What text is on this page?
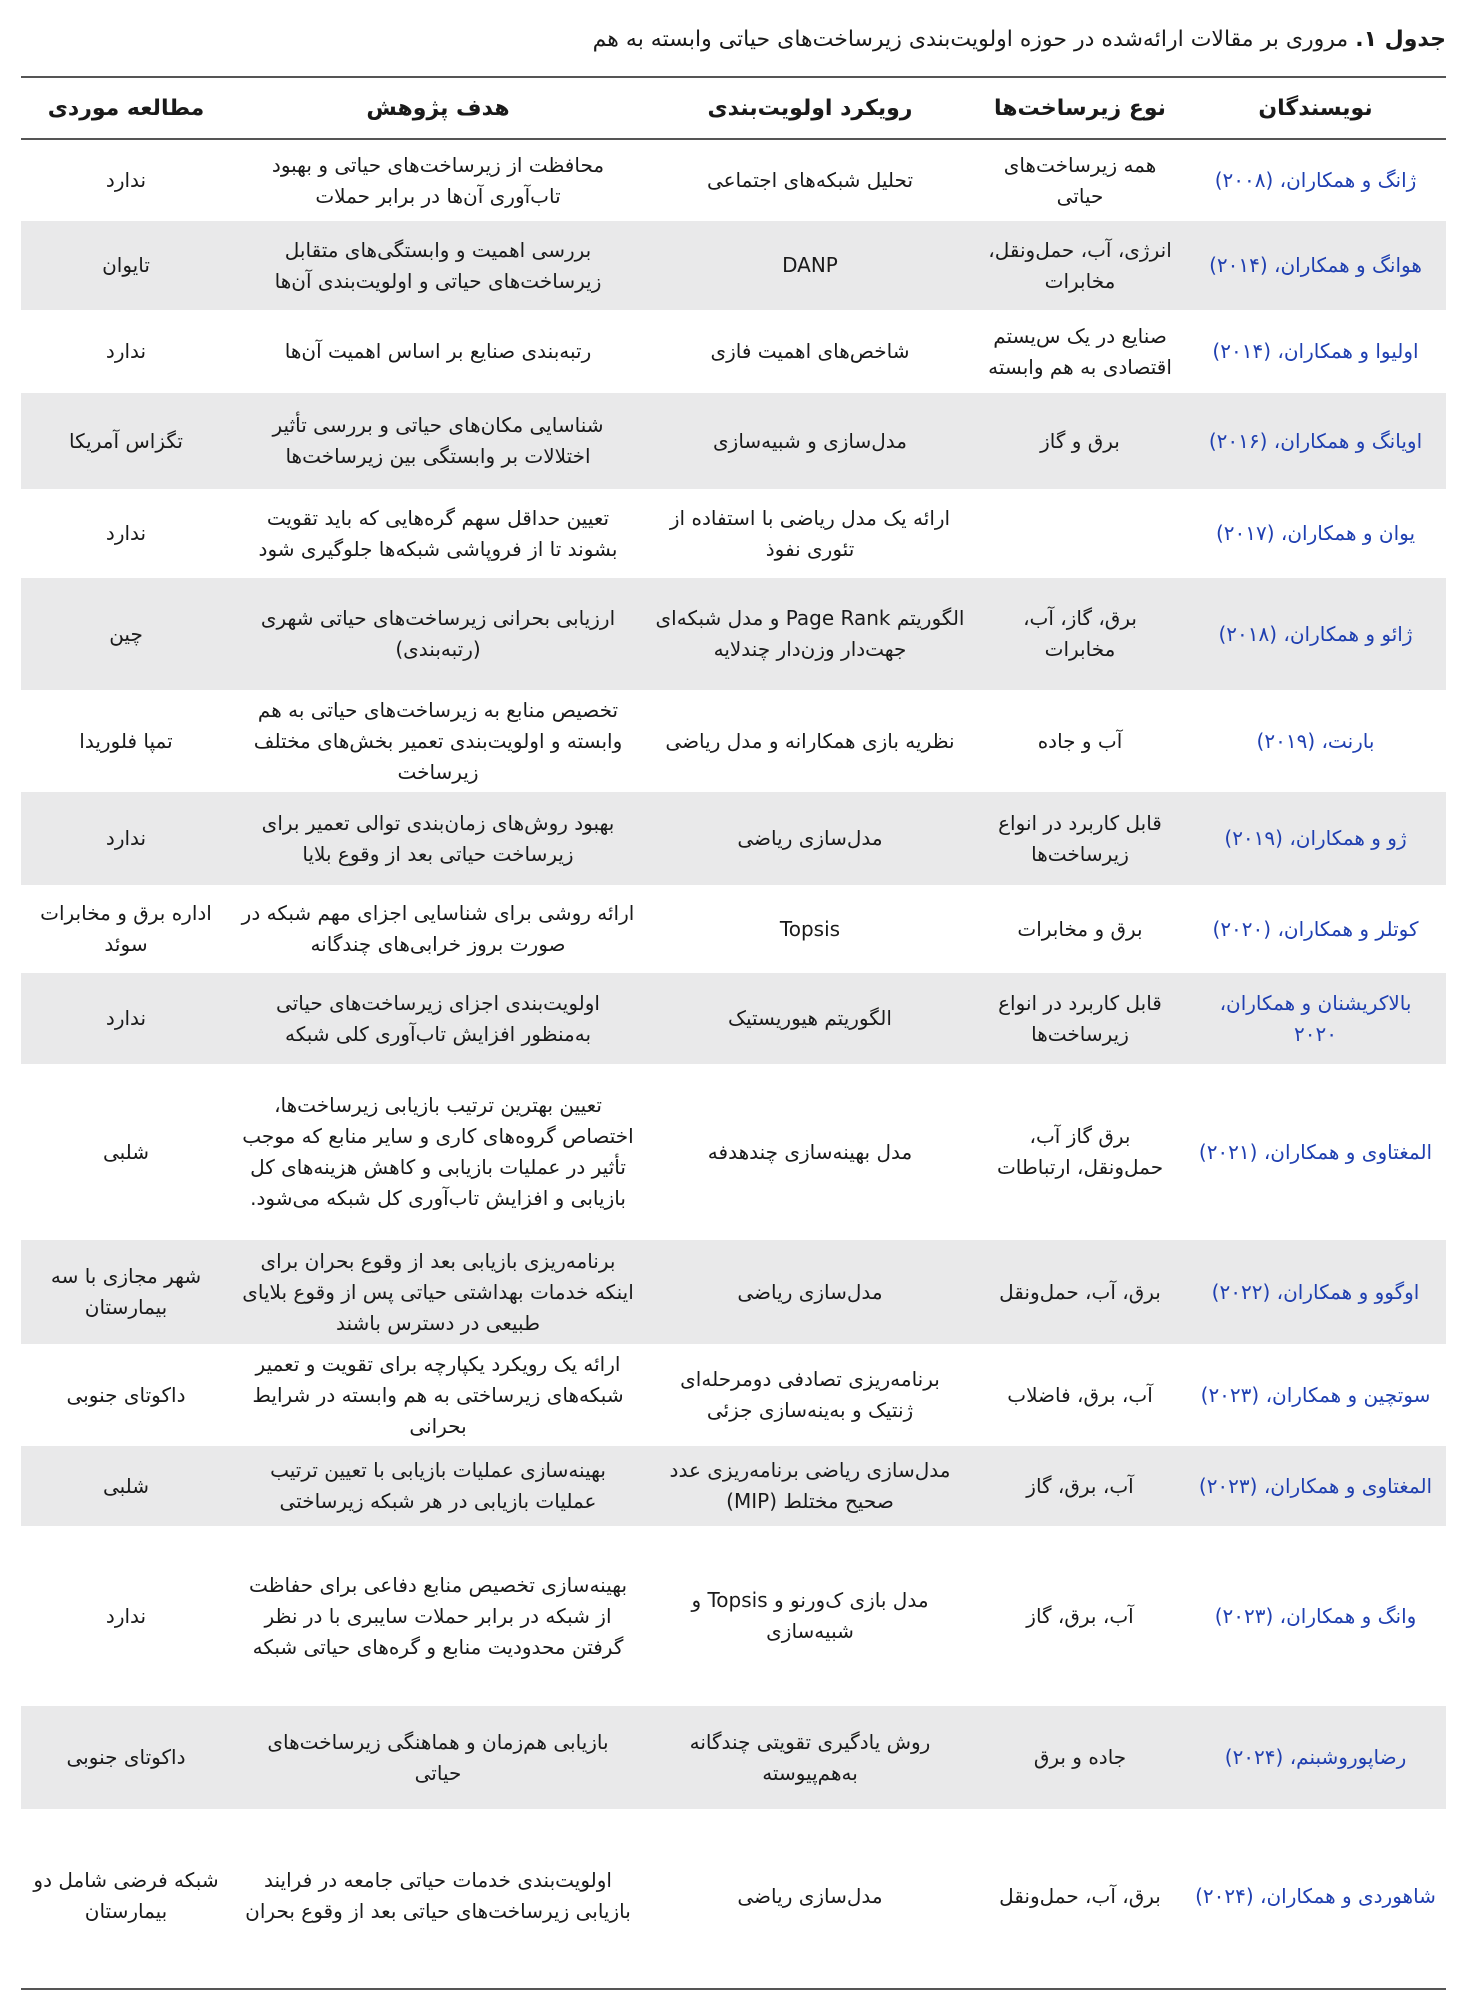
جدول ۱. مروری بر مقالات ارائه‌شده در حوزه اولویت‌بندی زیرساخت‌های حیاتی وابسته به هم
نویسندگان	نوع زیرساخت‌ها	رویکرد اولویت‌بندی	هدف پژوهش	مطالعه موردی
ژانگ و همکاران، (۲۰۰۸)	همه زیرساخت‌های حیاتی	تحلیل شبکه‌های اجتماعی	محافظت از زیرساخت‌های حیاتی و بهبود تاب‌آوری آن‌ها در برابر حملات	ندارد
هوانگ و همکاران، (۲۰۱۴)	انرژی، آب، حمل‌ونقل، مخابرات	DANP	بررسی اهمیت و وابستگی‌های متقابل زیرساخت‌های حیاتی و اولویت‌بندی آن‌ها	تایوان
اولیوا و همکاران، (۲۰۱۴)	صنایع در یک س‌یستم اقتصادی به هم وابسته	شاخص‌های اهمیت فازی	رتبه‌بندی صنایع بر اساس اهمیت آن‌ها	ندارد
اویانگ و همکاران، (۲۰۱۶)	برق و گاز	مدل‌سازی و شبیه‌سازی	شناسایی مکان‌های حیاتی و بررسی تأثیر اختلالات بر وابستگی بین زیرساخت‌ها	تگزاس آمریکا
یوان و همکاران، (۲۰۱۷)		ارائه یک مدل ریاضی با استفاده از تئوری نفوذ	تعیین حداقل سهم گره‌هایی که باید تقویت بشوند تا از فروپاشی شبکه‌ها جلوگیری شود	ندارد
ژائو و همکاران، (۲۰۱۸)	برق، گاز، آب، مخابرات	الگوریتم Page Rank و مدل شبکه‌ای جهت‌دار وزن‌دار چندلایه	ارزیابی بحرانی زیرساخت‌های حیاتی شهری (رتبه‌بندی)	چین
بارنت، (۲۰۱۹)	آب و جاده	نظریه بازی همکارانه و مدل ریاضی	تخصیص منابع به زیرساخت‌های حیاتی به هم وابسته و اولویت‌بندی تعمیر بخش‌های مختلف زیرساخت	تمپا فلوریدا
ژو و همکاران، (۲۰۱۹)	قابل کاربرد در انواع زیرساخت‌ها	مدل‌سازی ریاضی	بهبود روش‌های زمان‌بندی توالی تعمیر برای زیرساخت حیاتی بعد از وقوع بلایا	ندارد
کوتلر و همکاران، (۲۰۲۰)	برق و مخابرات	Topsis	ارائه روشی برای شناسایی اجزای مهم شبکه در صورت بروز خرابی‌های چندگانه	اداره برق و مخابرات سوئد
بالاکریشنان و همکاران، ۲۰۲۰	قابل کاربرد در انواع زیرساخت‌ها	الگوریتم هیوریستیک	اولویت‌بندی اجزای زیرساخت‌های حیاتی به‌منظور افزایش تاب‌آوری کلی شبکه	ندارد
المغتاوی و همکاران، (۲۰۲۱)	برق گاز آب، حمل‌ونقل، ارتباطات	مدل بهینه‌سازی چندهدفه	تعیین بهترین ترتیب بازیابی زیرساخت‌ها، اختصاص گروه‌های کاری و سایر منابع که موجب تأثیر در عملیات بازیابی و کاهش هزینه‌های کل بازیابی و افزایش تاب‌آوری کل شبکه می‌شود.	شلبی
اوگوو و همکاران، (۲۰۲۲)	برق، آب، حمل‌ونقل	مدل‌سازی ریاضی	برنامه‌ریزی بازیابی بعد از وقوع بحران برای اینکه خدمات بهداشتی حیاتی پس از وقوع بلایای طبیعی در دسترس باشند	شهر مجازی با سه بیمارستان
سوتچین و همکاران، (۲۰۲۳)	آب، برق، فاضلاب	برنامه‌ریزی تصادفی دومرحله‌ای ژنتیک و به‌ینه‌سازی جزئی	ارائه یک رویکرد یکپارچه برای تقویت و تعمیر شبکه‌های زیرساختی به هم وابسته در شرایط بحرانی	داکوتای جنوبی
المغتاوی و همکاران، (۲۰۲۳)	آب، برق، گاز	مدل‌سازی ریاضی برنامه‌ریزی عدد صحیح مختلط (MIP)	بهینه‌سازی عملیات بازیابی با تعیین ترتیب عملیات بازیابی در هر شبکه زیرساختی	شلبی
وانگ و همکاران، (۲۰۲۳)	آب، برق، گاز	مدل بازی ک‌ورنو و Topsis و شبیه‌سازی	بهینه‌سازی تخصیص منابع دفاعی برای حفاظت از شبکه در برابر حملات سایبری با در نظر گرفتن محدودیت منابع و گره‌های حیاتی شبکه	ندارد
رضاپوروشبنم، (۲۰۲۴)	جاده و برق	روش یادگیری تقویتی چندگانه به‌هم‌پیوسته	بازیابی هم‌زمان و هماهنگی زیرساخت‌های حیاتی	داکوتای جنوبی
شاهوردی و همکاران، (۲۰۲۴)	برق، آب، حمل‌ونقل	مدل‌سازی ریاضی	اولویت‌بندی خدمات حیاتی جامعه در فرایند بازیابی زیرساخت‌های حیاتی بعد از وقوع بحران	شبکه فرضی شامل دو بیمارستان
